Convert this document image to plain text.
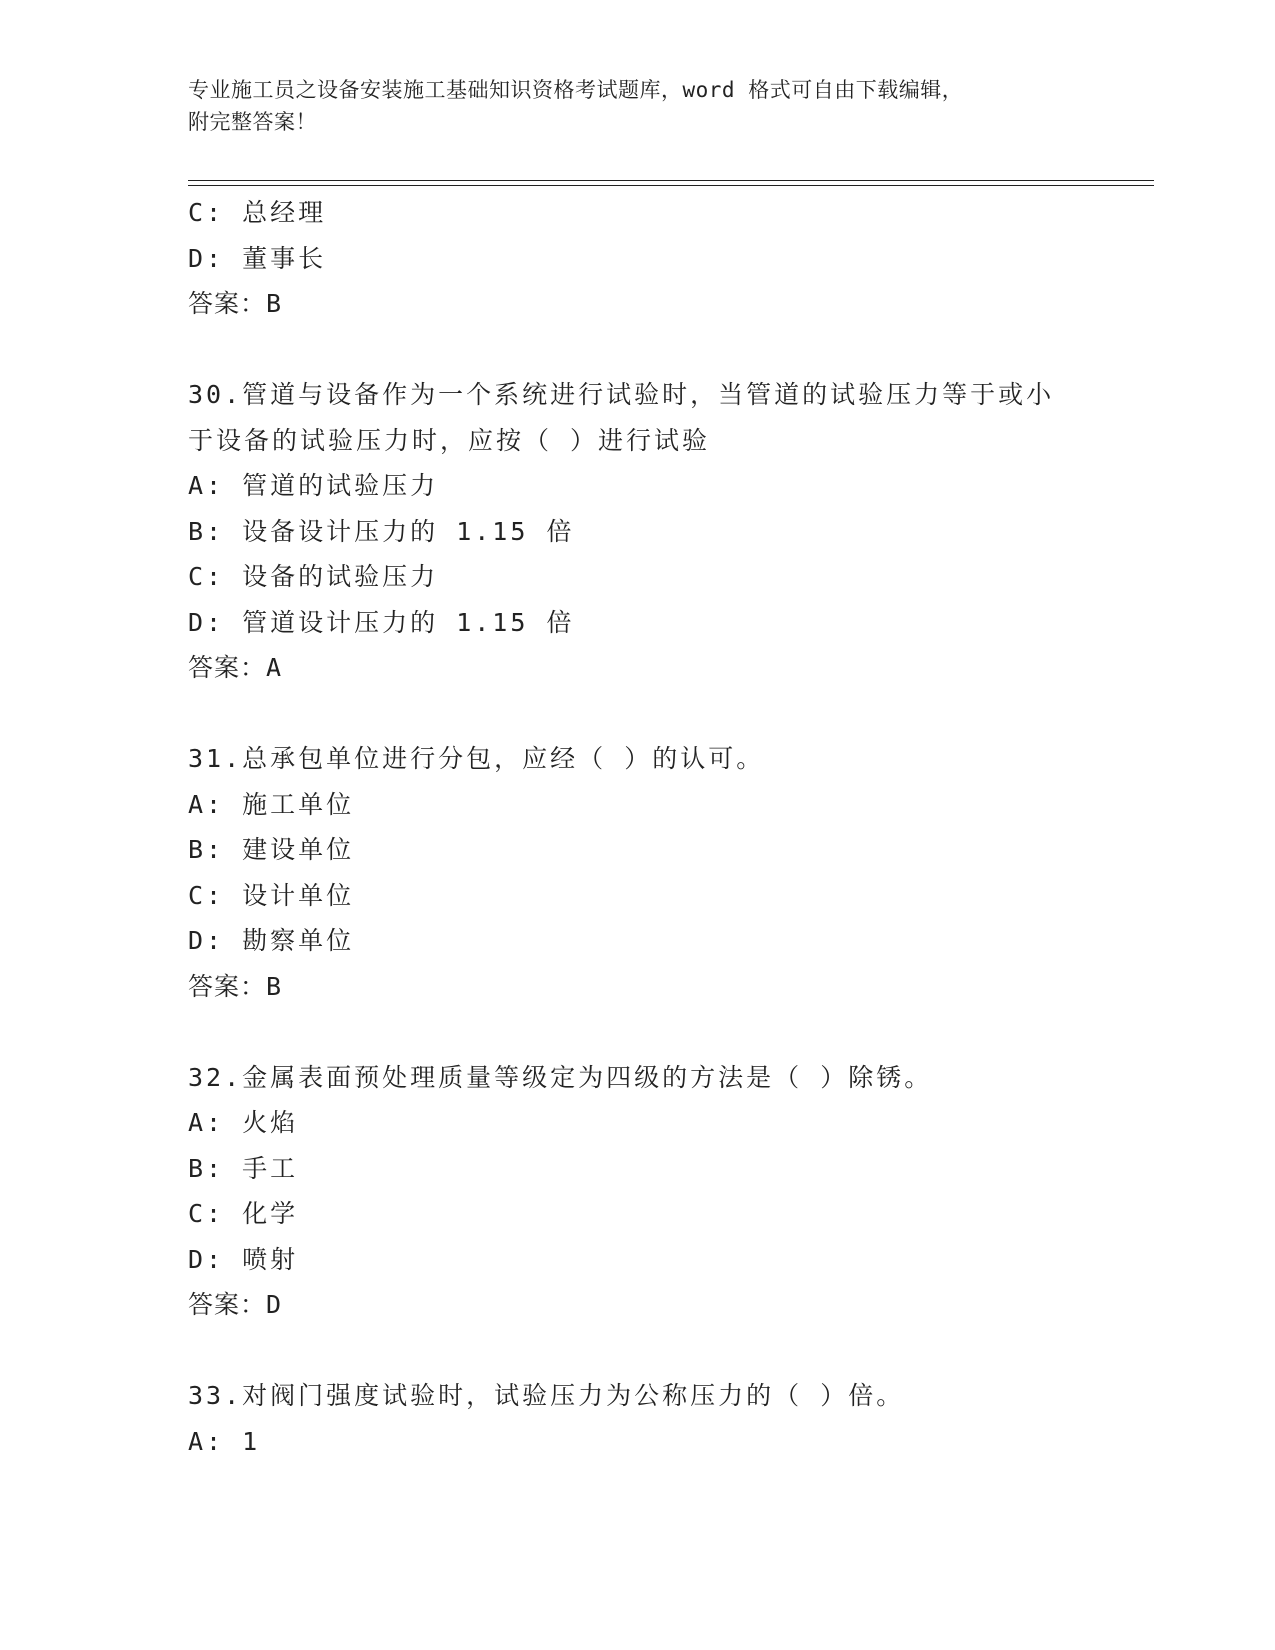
专业施工员之设备安装施工基础知识资格考试题库，word 格式可自由下载编辑，
附完整答案！
C: 总经理
D: 董事长
答案：B
30.管道与设备作为一个系统进行试验时，当管道的试验压力等于或小
于设备的试验压力时，应按（ ）进行试验
A: 管道的试验压力
B: 设备设计压力的 1.15 倍
C: 设备的试验压力
D: 管道设计压力的 1.15 倍
答案：A
31.总承包单位进行分包，应经（ ）的认可。
A: 施工单位
B: 建设单位
C: 设计单位
D: 勘察单位
答案：B
32.金属表面预处理质量等级定为四级的方法是（ ）除锈。
A: 火焰
B: 手工
C: 化学
D: 喷射
答案：D
33.对阀门强度试验时，试验压力为公称压力的（ ）倍。
A: 1
